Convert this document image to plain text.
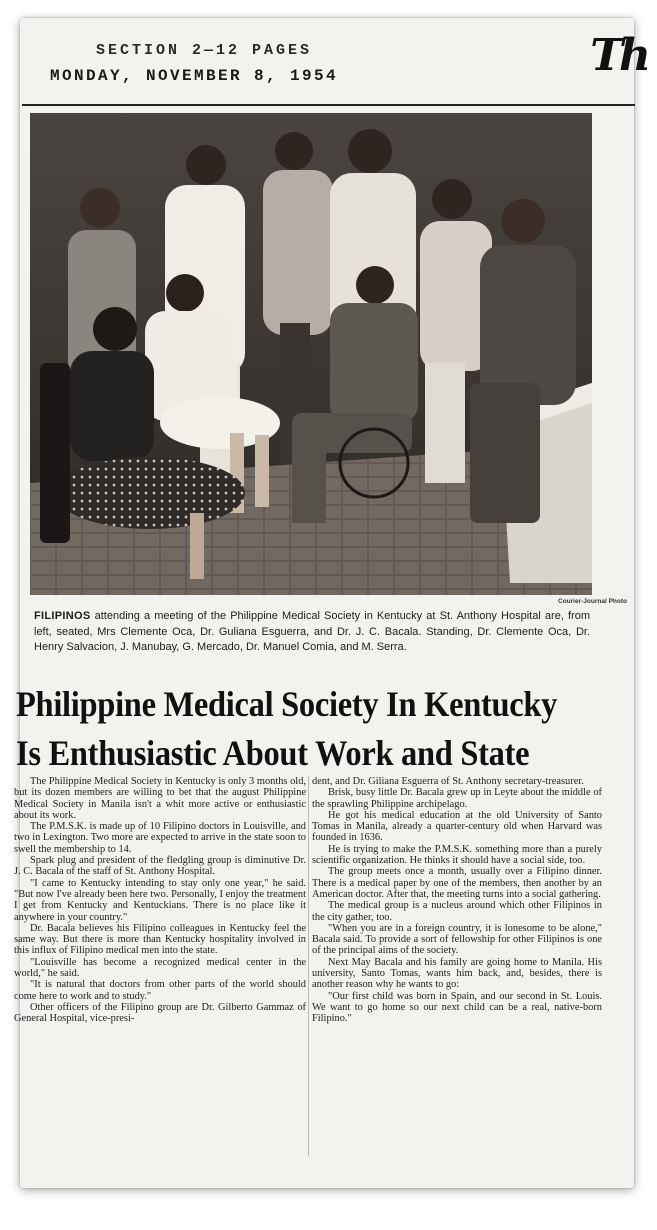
SECTION 2—12 PAGES
MONDAY, NOVEMBER 8, 1954	Th
Courier-Journal Photo
FILIPINOS attending a meeting of the Philippine Medical Society in Kentucky at St. Anthony Hospital are, from left, seated, Mrs Clemente Oca, Dr. Guliana Esguerra, and Dr. J. C. Bacala. Standing, Dr. Clemente Oca, Dr. Henry Salvacion, J. Manubay, G. Mercado, Dr. Manuel Comia, and M. Serra.
Philippine Medical Society In Kentucky
Is Enthusiastic About Work and State

The Philippine Medical Society in Kentucky is only 3 months old, but its dozen members are willing to bet that the august Philippine Medical Society in Manila isn't a whit more active or enthusiastic about its work.

The P.M.S.K. is made up of 10 Filipino doctors in Louisville, and two in Lexington. Two more are expected to arrive in the state soon to swell the membership to 14.

Spark plug and president of the fledgling group is diminutive Dr. J. C. Bacala of the staff of St. Anthony Hospital.

"I came to Kentucky intending to stay only one year," he said. "But now I've already been here two. Personally, I enjoy the treatment I get from Kentucky and Kentuckians. There is no place like it anywhere in your country."

Dr. Bacala believes his Filipino colleagues in Kentucky feel the same way. But there is more than Kentucky hospitality involved in this influx of Filipino medical men into the state.

"Louisville has become a recognized medical center in the world," he said.

"It is natural that doctors from other parts of the world should come here to work and to study."

Other officers of the Filipino group are Dr. Gilberto Gammaz of General Hospital, vice-presi-

dent, and Dr. Giliana Esguerra of St. Anthony secretary-treasurer.

Brisk, busy little Dr. Bacala grew up in Leyte about the middle of the sprawling Philippine archipelago.

He got his medical education at the old University of Santo Tomas in Manila, already a quarter-century old when Harvard was founded in 1636.

He is trying to make the P.M.S.K. something more than a purely scientific organization. He thinks it should have a social side, too.

The group meets once a month, usually over a Filipino dinner. There is a medical paper by one of the members, then another by an American doctor. After that, the meeting turns into a social gathering.

The medical group is a nucleus around which other Filipinos in the city gather, too.

"When you are in a foreign country, it is lonesome to be alone," Bacala said. To provide a sort of fellowship for other Filipinos is one of the principal aims of the society.

Next May Bacala and his family are going home to Manila. His university, Santo Tomas, wants him back, and, besides, there is another reason why he wants to go:

"Our first child was born in Spain, and our second in St. Louis. We want to go home so our next child can be a real, native-born Filipino."
